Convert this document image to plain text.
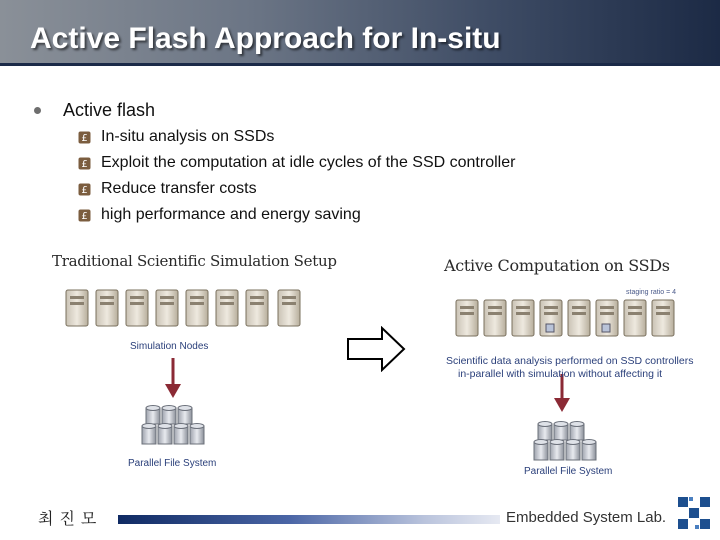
Active Flash Approach for In-situ
Active flash
£ In-situ analysis on SSDs
£ Exploit the computation at idle cycles of the SSD controller
£ Reduce transfer costs
£ high performance and energy saving
Traditional Scientific Simulation Setup
Simulation Nodes
Parallel File System
Active Computation on SSDs
staging ratio = 4
Scientific data analysis performed on SSD controllers
in-parallel with simulation without affecting it
Parallel File System
최진모	Embedded System Lab.
